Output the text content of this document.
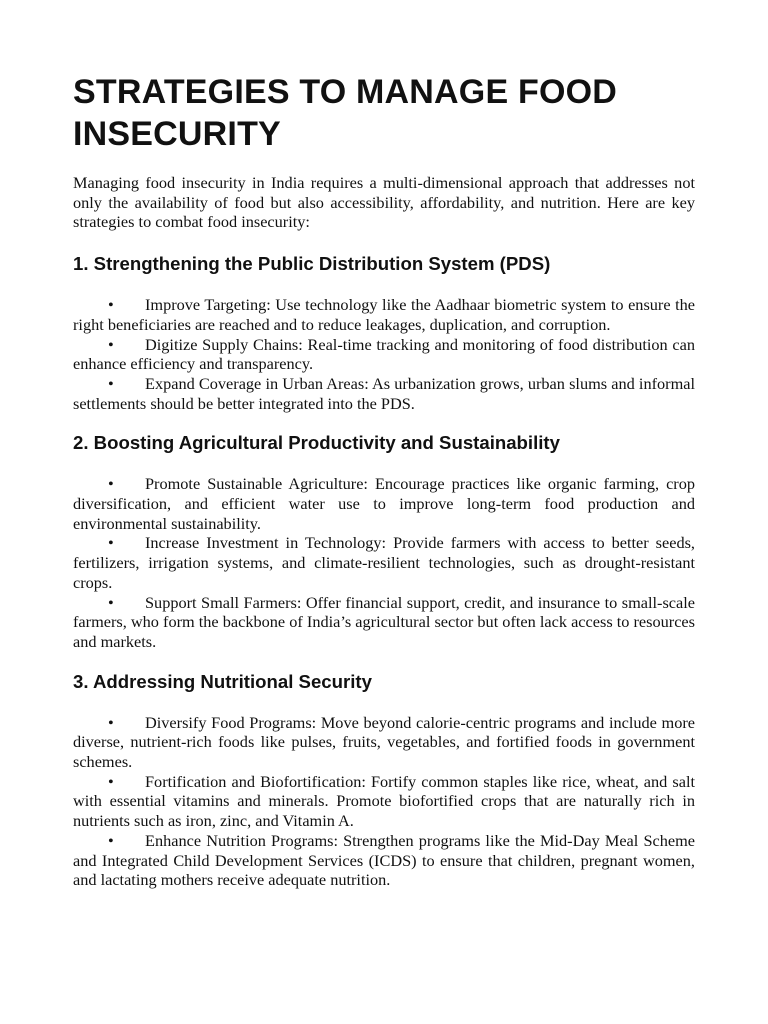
STRATEGIES TO MANAGE FOOD INSECURITY

Managing food insecurity in India requires a multi-dimensional approach that addresses not only the availability of food but also accessibility, affordability, and nutrition. Here are key strategies to combat food insecurity:

1. Strengthening the Public Distribution System (PDS)
• Improve Targeting: Use technology like the Aadhaar biometric system to ensure the right beneficiaries are reached and to reduce leakages, duplication, and corruption.
• Digitize Supply Chains: Real-time tracking and monitoring of food distribution can enhance efficiency and transparency.
• Expand Coverage in Urban Areas: As urbanization grows, urban slums and informal settlements should be better integrated into the PDS.
2. Boosting Agricultural Productivity and Sustainability
• Promote Sustainable Agriculture: Encourage practices like organic farming, crop diversification, and efficient water use to improve long-term food production and environmental sustainability.
• Increase Investment in Technology: Provide farmers with access to better seeds, fertilizers, irrigation systems, and climate-resilient technologies, such as drought-resistant crops.
• Support Small Farmers: Offer financial support, credit, and insurance to small-scale farmers, who form the backbone of India’s agricultural sector but often lack access to resources and markets.
3. Addressing Nutritional Security
• Diversify Food Programs: Move beyond calorie-centric programs and include more diverse, nutrient-rich foods like pulses, fruits, vegetables, and fortified foods in government schemes.
• Fortification and Biofortification: Fortify common staples like rice, wheat, and salt with essential vitamins and minerals. Promote biofortified crops that are naturally rich in nutrients such as iron, zinc, and Vitamin A.
• Enhance Nutrition Programs: Strengthen programs like the Mid-Day Meal Scheme and Integrated Child Development Services (ICDS) to ensure that children, pregnant women, and lactating mothers receive adequate nutrition.
